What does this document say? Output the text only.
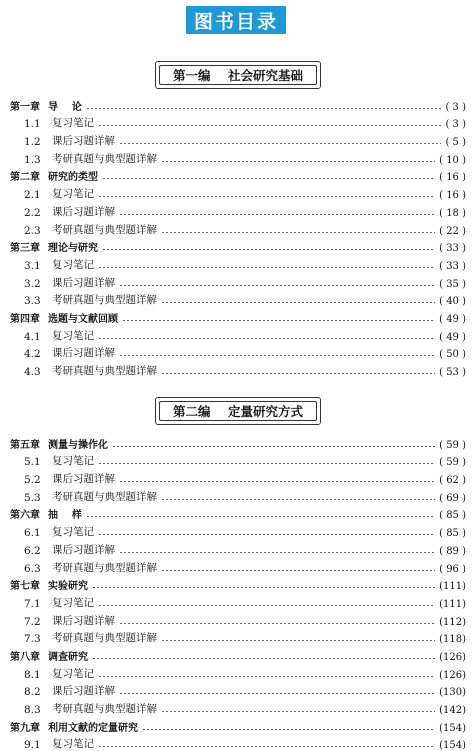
图书目录
第一编    社会研究基础
第一章 导    论	( 3 )
1.1	复习笔记	( 3 )
1.2	课后习题详解	( 5 )
1.3	考研真题与典型题详解	( 10 )
第二章 研究的类型	( 16 )
2.1	复习笔记	( 16 )
2.2	课后习题详解	( 18 )
2.3	考研真题与典型题详解	( 22 )
第三章 理论与研究	( 33 )
3.1	复习笔记	( 33 )
3.2	课后习题详解	( 35 )
3.3	考研真题与典型题详解	( 40 )
第四章 选题与文献回顾	( 49 )
4.1	复习笔记	( 49 )
4.2	课后习题详解	( 50 )
4.3	考研真题与典型题详解	( 53 )
第二编    定量研究方式
第五章 测量与操作化	( 59 )
5.1	复习笔记	( 59 )
5.2	课后习题详解	( 62 )
5.3	考研真题与典型题详解	( 69 )
第六章 抽    样	( 85 )
6.1	复习笔记	( 85 )
6.2	课后习题详解	( 89 )
6.3	考研真题与典型题详解	( 96 )
第七章 实验研究	(111)
7.1	复习笔记	(111)
7.2	课后习题详解	(112)
7.3	考研真题与典型题详解	(118)
第八章 调查研究	(126)
8.1	复习笔记	(126)
8.2	课后习题详解	(130)
8.3	考研真题与典型题详解	(142)
第九章 利用文献的定量研究	(154)
9.1	复习笔记	(154)
